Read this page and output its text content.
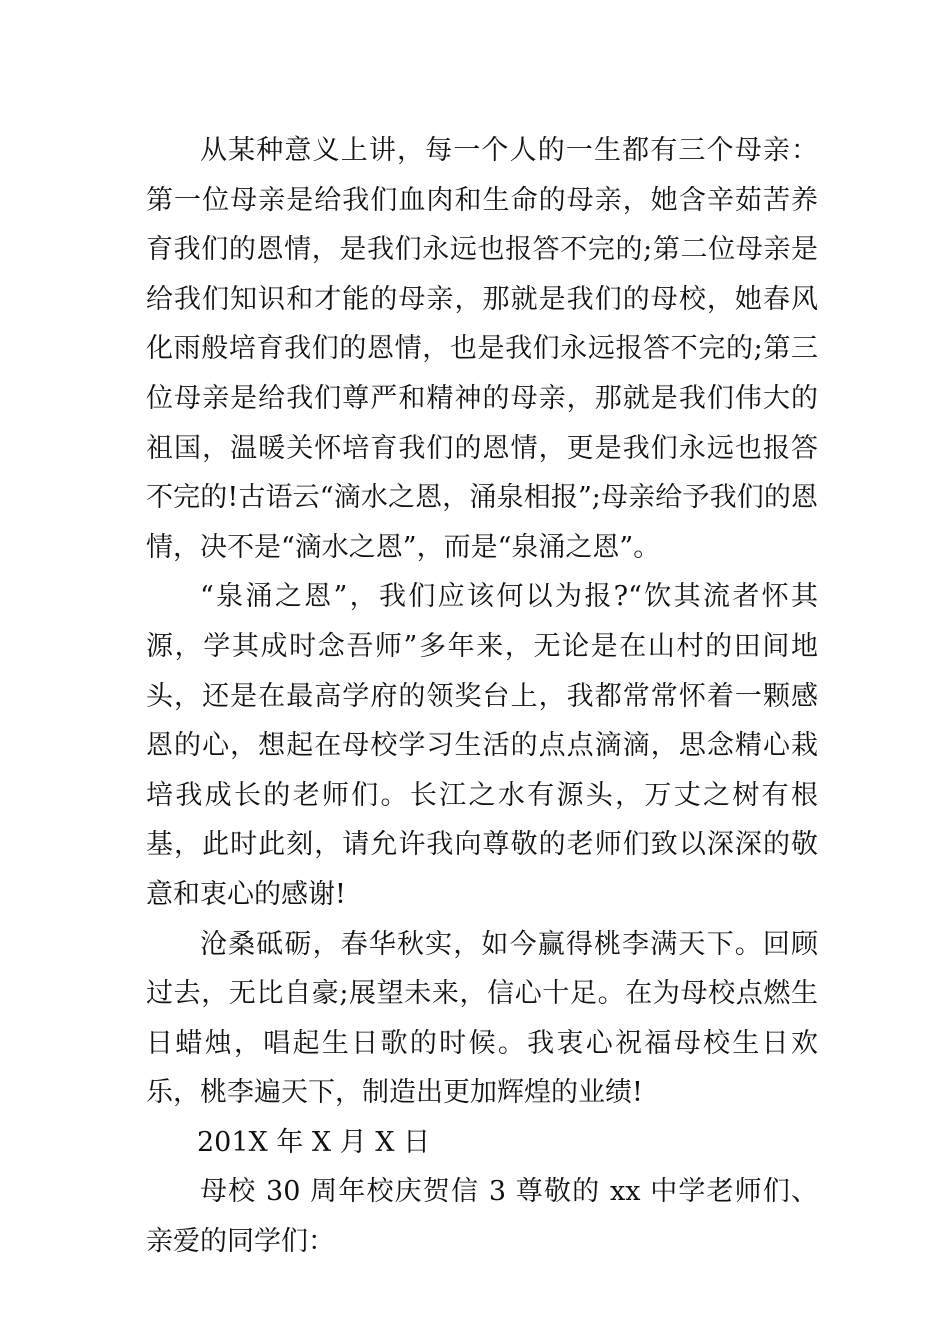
从某种意义上讲，每一个人的一生都有三个母亲：第一位母亲是给我们血肉和生命的母亲，她含辛茹苦养育我们的恩情，是我们永远也报答不完的;第二位母亲是给我们知识和才能的母亲，那就是我们的母校，她春风化雨般培育我们的恩情，也是我们永远报答不完的;第三位母亲是给我们尊严和精神的母亲，那就是我们伟大的祖国，温暖关怀培育我们的恩情，更是我们永远也报答不完的!古语云“滴水之恩，涌泉相报”;母亲给予我们的恩情，决不是“滴水之恩”，而是“泉涌之恩”。

“泉涌之恩”，我们应该何以为报?“饮其流者怀其源，学其成时念吾师”多年来，无论是在山村的田间地头，还是在最高学府的领奖台上，我都常常怀着一颗感恩的心，想起在母校学习生活的点点滴滴，思念精心栽培我成长的老师们。长江之水有源头，万丈之树有根基，此时此刻，请允许我向尊敬的老师们致以深深的敬意和衷心的感谢!

沧桑砥砺，春华秋实，如今赢得桃李满天下。回顾过去，无比自豪;展望未来，信心十足。在为母校点燃生日蜡烛，唱起生日歌的时候。我衷心祝福母校生日欢乐，桃李遍天下，制造出更加辉煌的业绩!

201X 年 X 月 X 日

母校 30 周年校庆贺信 3 尊敬的 xx 中学老师们、亲爱的同学们：
